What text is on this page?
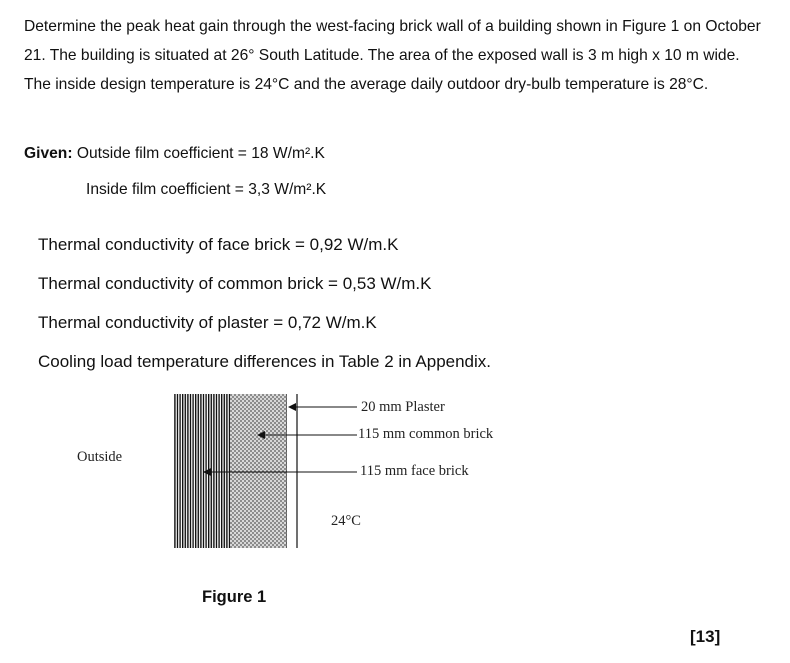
Determine the peak heat gain through the west-facing brick wall of a building shown in Figure 1 on October 21. The building is situated at 26° South Latitude. The area of the exposed wall is 3 m high x 10 m wide. The inside design temperature is 24°C and the average daily outdoor dry-bulb temperature is 28°C.
Given: Outside film coefficient = 18 W/m².K
Inside film coefficient = 3,3 W/m².K
Thermal conductivity of face brick = 0,92 W/m.K
Thermal conductivity of common brick = 0,53 W/m.K
Thermal conductivity of plaster = 0,72 W/m.K
Cooling load temperature differences in Table 2 in Appendix.
Outside
20 mm Plaster
115 mm common brick
115 mm face brick
24°C
Figure 1
[13]
